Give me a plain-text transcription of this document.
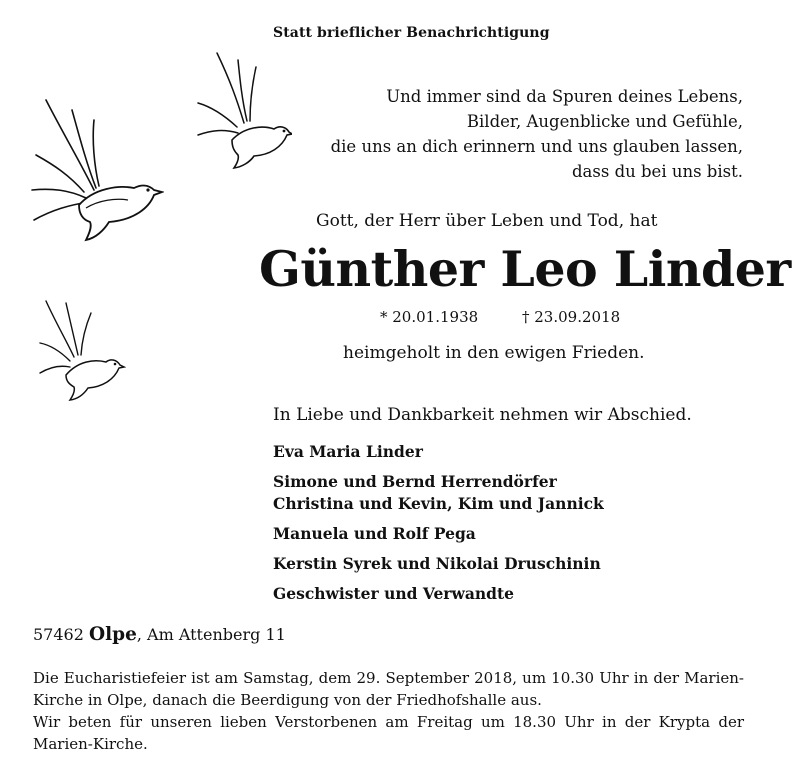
Statt brieflicher Benachrichtigung
Und immer sind da Spuren deines Lebens,
Bilder, Augenblicke und Gefühle,
die uns an dich erinnern und uns glauben lassen,
dass du bei uns bist.
Gott, der Herr über Leben und Tod, hat
Günther Leo Linder
* 20.01.1938	† 23.09.2018
heimgeholt in den ewigen Frieden.
In Liebe und Dankbarkeit nehmen wir Abschied.
Eva Maria Linder
Simone und Bernd Herrendörfer
Christina und Kevin, Kim und Jannick
Manuela und Rolf Pega
Kerstin Syrek und Nikolai Druschinin
Geschwister und Verwandte
57462 Olpe, Am Attenberg 11

Die Eucharistiefeier ist am Samstag, dem 29. September 2018, um 10.30 Uhr in der Marien-Kirche in Olpe, danach die Beerdigung von der Friedhofshalle aus.

Wir beten für unseren lieben Verstorbenen am Freitag um 18.30 Uhr in der Krypta der Marien-Kirche.
